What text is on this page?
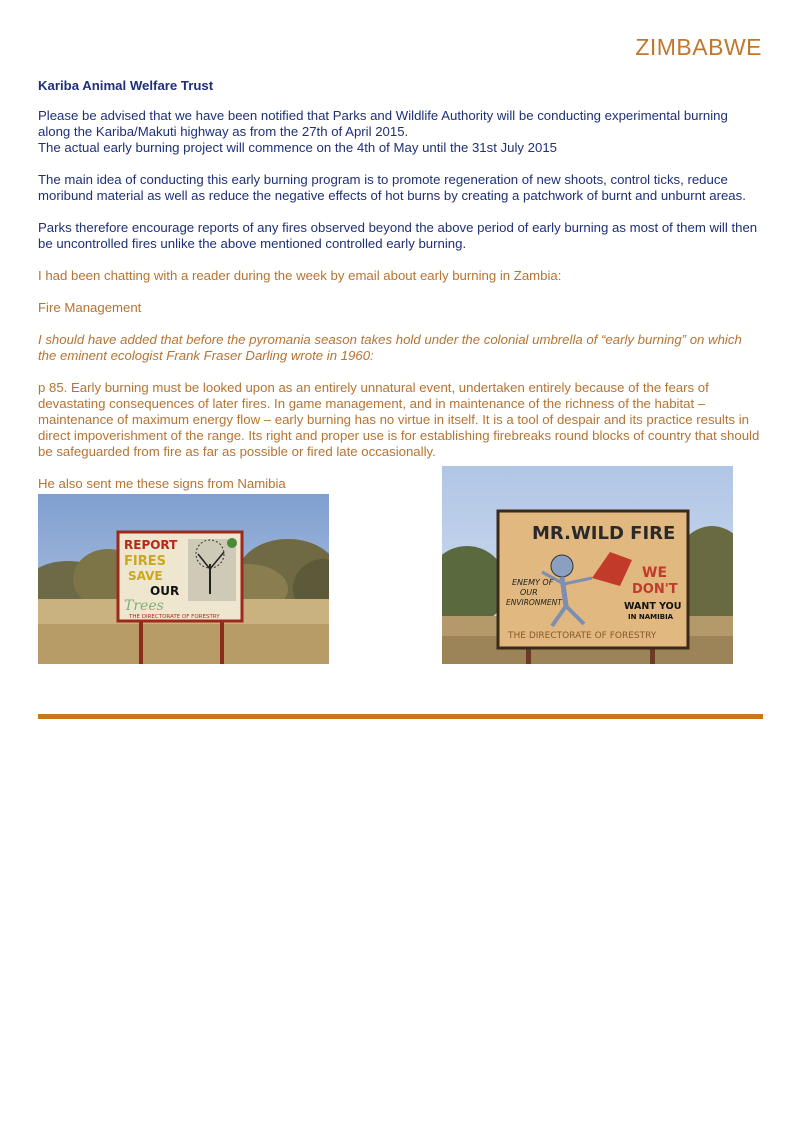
ZIMBABWE

Kariba Animal Welfare Trust

Please be advised that we have been notified that Parks and Wildlife Authority will be conducting experimental burning along the Kariba/Makuti highway as from the 27th of April 2015.

The actual early burning project will commence on the 4th of May until the 31st July 2015

The main idea of conducting this early burning program is to promote regeneration of new shoots, control ticks, reduce moribund material as well as reduce the negative effects of hot burns by creating a patchwork of burnt and unburnt areas.

Parks therefore encourage reports of any fires observed beyond the above period of early burning as most of them will then be uncontrolled fires unlike the above mentioned controlled early burning.

I had been chatting with a reader during the week by email about early burning in Zambia:

Fire Management

I should have added that before the pyromania season takes hold under the colonial umbrella of “early burning” on which the eminent ecologist Frank Fraser Darling wrote in 1960:

p 85. Early burning must be looked upon as an entirely unnatural event, undertaken entirely because of the fears of devastating consequences of later fires. In game management, and in maintenance of the richness of the habitat – maintenance of maximum energy flow – early burning has no virtue in itself. It is a tool of despair and its practice results in direct impoverishment of the range. Its right and proper use is for establishing firebreaks round blocks of country that should be safeguarded from fire as far as possible or fired late occasionally.

He also sent me these signs from Namibia

REPORT
FIRES
SAVE
OUR
Trees
THE DIRECTORATE OF FORESTRY
MR.WILD FIRE
ENEMY OF
OUR
ENVIRONMENT
WE
DON'T
WANT YOU
IN NAMIBIA
THE DIRECTORATE OF FORESTRY
